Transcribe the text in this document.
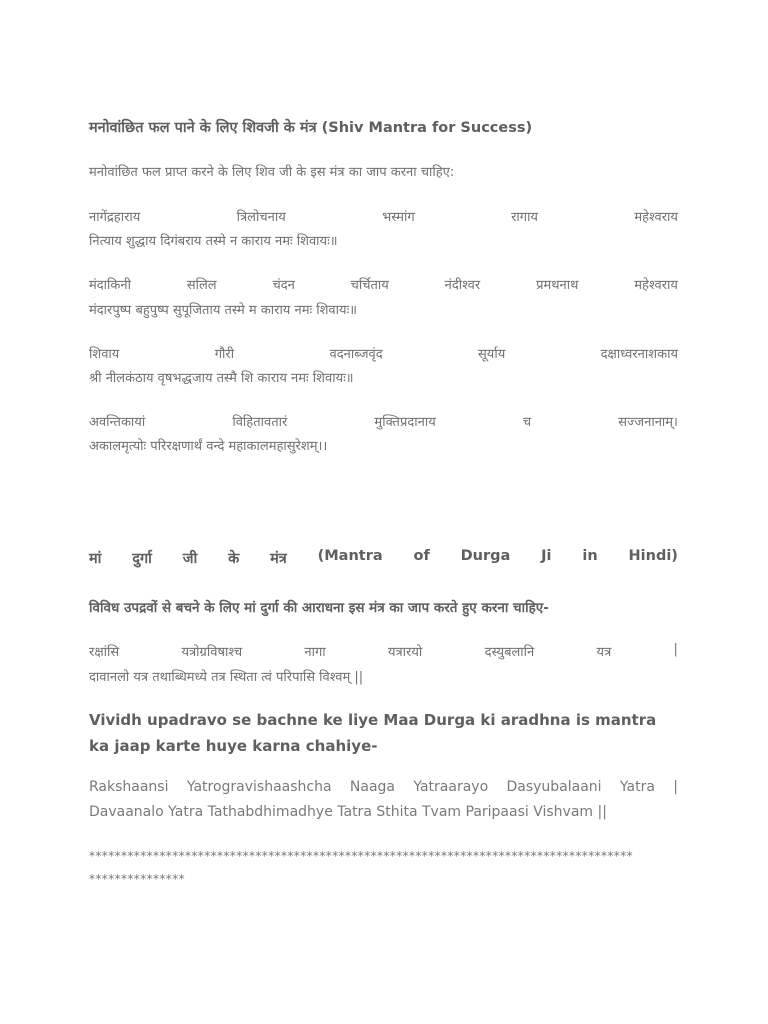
मनोवांछित फल पाने के लिए शिवजी के मंत्र (Shiv Mantra for Success)
मनोवांछित फल प्राप्त करने के लिए शिव जी के इस मंत्र का जाप करना चाहिए:
नागेंद्रहाराय	त्रिलोचनाय	भस्मांग	रागाय	महेश्वराय
नित्याय शुद्धाय दिगंबराय तस्मे न काराय नमः शिवायः॥
मंदाकिनी	सलिल	चंदन	चर्चिताय	नंदीश्वर	प्रमथनाथ	महेश्वराय
मंदारपुष्प बहुपुष्प सुपूजिताय तस्मे म काराय नमः शिवायः॥
शिवाय	गौरी	वदनाब्जवृंद	सूर्याय	दक्षाध्वरनाशकाय
श्री नीलकंठाय वृषभद्धजाय तस्मै शि काराय नमः शिवायः॥
अवन्तिकायां	विहितावतारं	मुक्तिप्रदानाय	च	सज्जनानाम्।
अकालमृत्योः परिरक्षणार्थं वन्दे महाकालमहासुरेशम्।।
मां दुर्गा जी के मंत्र (Mantra of Durga Ji in Hindi)
विविध उपद्रवों से बचने के लिए मां दुर्गा की आराधना इस मंत्र का जाप करते हुए करना चाहिए-
रक्षांसि	यत्रोग्रविषाश्च	नागा	यत्रारयो	दस्युबलानि	यत्र	|
दावानलो यत्र तथाब्धिमध्ये तत्र स्थिता त्वं परिपासि विश्वम् ||
Vividh upadravo se bachne ke liye Maa Durga ki aradhna is mantra ka jaap karte huye karna chahiye-
Rakshaansi Yatrogravishaashcha Naaga Yatraarayo Dasyubalaani Yatra |
Davaanalo Yatra Tathabdhimadhye Tatra Sthita Tvam Paripaasi Vishvam ||
*************************************************************************************
***************
